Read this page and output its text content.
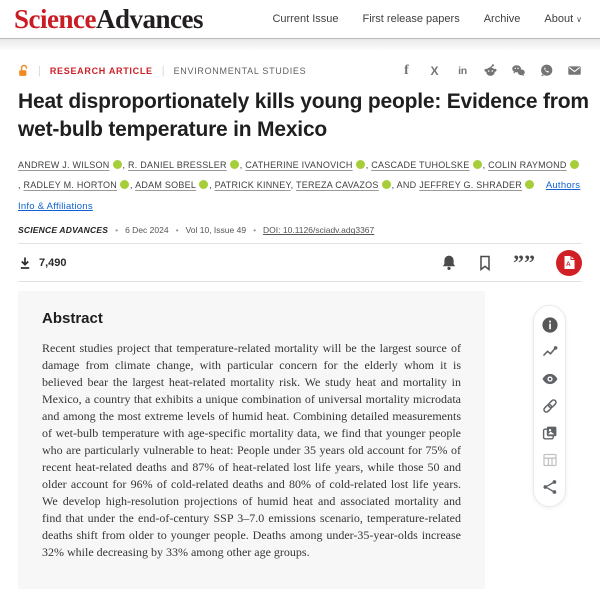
ScienceAdvances	Current Issue First release papers Archive About ∨
| RESEARCH ARTICLE | ENVIRONMENTAL STUDIES	f	X	in
Heat disproportionately kills young people: Evidence from wet-bulb temperature in Mexico
ANDREW J. WILSON , R. DANIEL BRESSLER , CATHERINE IVANOVICH , CASCADE TUHOLSKE , COLIN RAYMOND, RADLEY M. HORTON , ADAM SOBEL , PATRICK KINNEY, TEREZA CAVAZOS , AND JEFFREY G. SHRADER	Authors Info & Affiliations
SCIENCE ADVANCES • 6 Dec 2024 • Vol 10, Issue 49 • DOI: 10.1126/sciadv.adq3367
7,490	””	A
Abstract

Recent studies project that temperature-related mortality will be the largest source of damage from climate change, with particular concern for the elderly whom it is believed bear the largest heat-related mortality risk. We study heat and mortality in Mexico, a country that exhibits a unique combination of universal mortality microdata and among the most extreme levels of humid heat. Combining detailed measurements of wet-bulb temperature with age-specific mortality data, we find that younger people who are particularly vulnerable to heat: People under 35 years old account for 75% of recent heat-related deaths and 87% of heat-related lost life years, while those 50 and older account for 96% of cold-related deaths and 80% of cold-related lost life years. We develop high-resolution projections of humid heat and associated mortality and find that under the end-of-century SSP 3–7.0 emissions scenario, temperature-related deaths shift from older to younger people. Deaths among under-35-year-olds increase 32% while decreasing by 33% among other age groups.
